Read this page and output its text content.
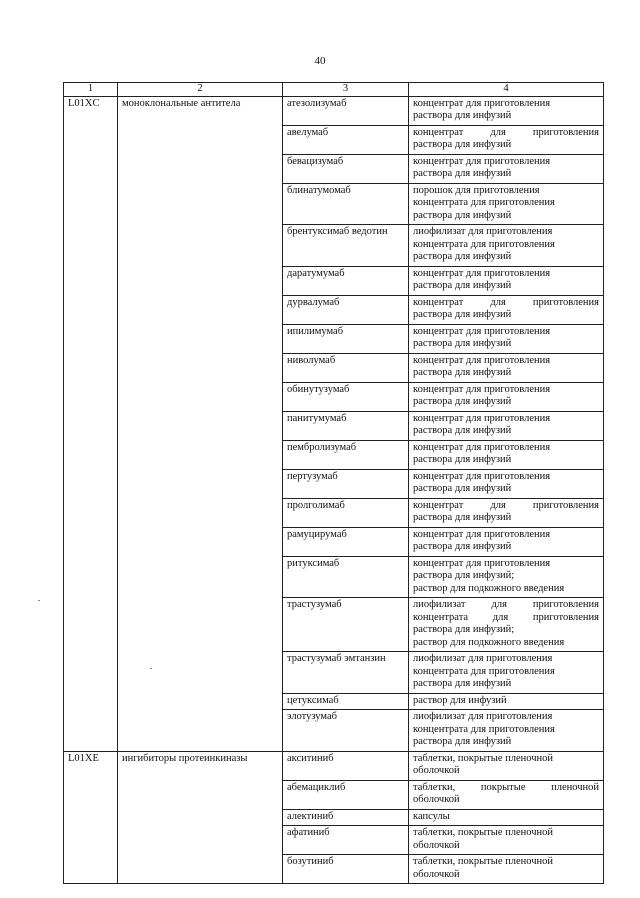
40
1	2	3	4
L01XC	моноклональные антитела	атезолизумаб	концентрат для приготовления
раствора для инфузий

		авелумаб	концентрат для приготовления
раствора для инфузий

		бевацизумаб	концентрат для приготовления
раствора для инфузий

		блинатумомаб	порошок для приготовления
концентрата для приготовления
раствора для инфузий

		брентуксимаб ведотин	лиофилизат для приготовления
концентрата для приготовления
раствора для инфузий

		даратумумаб	концентрат для приготовления
раствора для инфузий

		дурвалумаб	концентрат для приготовления
раствора для инфузий

		ипилимумаб	концентрат для приготовления
раствора для инфузий

		ниволумаб	концентрат для приготовления
раствора для инфузий

		обинутузумаб	концентрат для приготовления
раствора для инфузий

		панитумумаб	концентрат для приготовления
раствора для инфузий

		пембролизумаб	концентрат для приготовления
раствора для инфузий

		пертузумаб	концентрат для приготовления
раствора для инфузий

		пролголимаб	концентрат для приготовления
раствора для инфузий

		рамуцирумаб	концентрат для приготовления
раствора для инфузий

		ритуксимаб	концентрат для приготовления
раствора для инфузий;
раствор для подкожного введения

		трастузумаб	лиофилизат для приготовления
концентрата для приготовления
раствора для инфузий;
раствор для подкожного введения

		трастузумаб эмтанзин	лиофилизат для приготовления
концентрата для приготовления
раствора для инфузий

		цетуксимаб	раствор для инфузий

		элотузумаб	лиофилизат для приготовления
концентрата для приготовления
раствора для инфузий

L01XE	ингибиторы протеинкиназы	акситиниб	таблетки, покрытые пленочной
оболочкой

		абемациклиб	таблетки, покрытые пленочной
оболочкой

		алектиниб	капсулы

		афатиниб	таблетки, покрытые пленочной
оболочкой

		бозутиниб	таблетки, покрытые пленочной
оболочкой
